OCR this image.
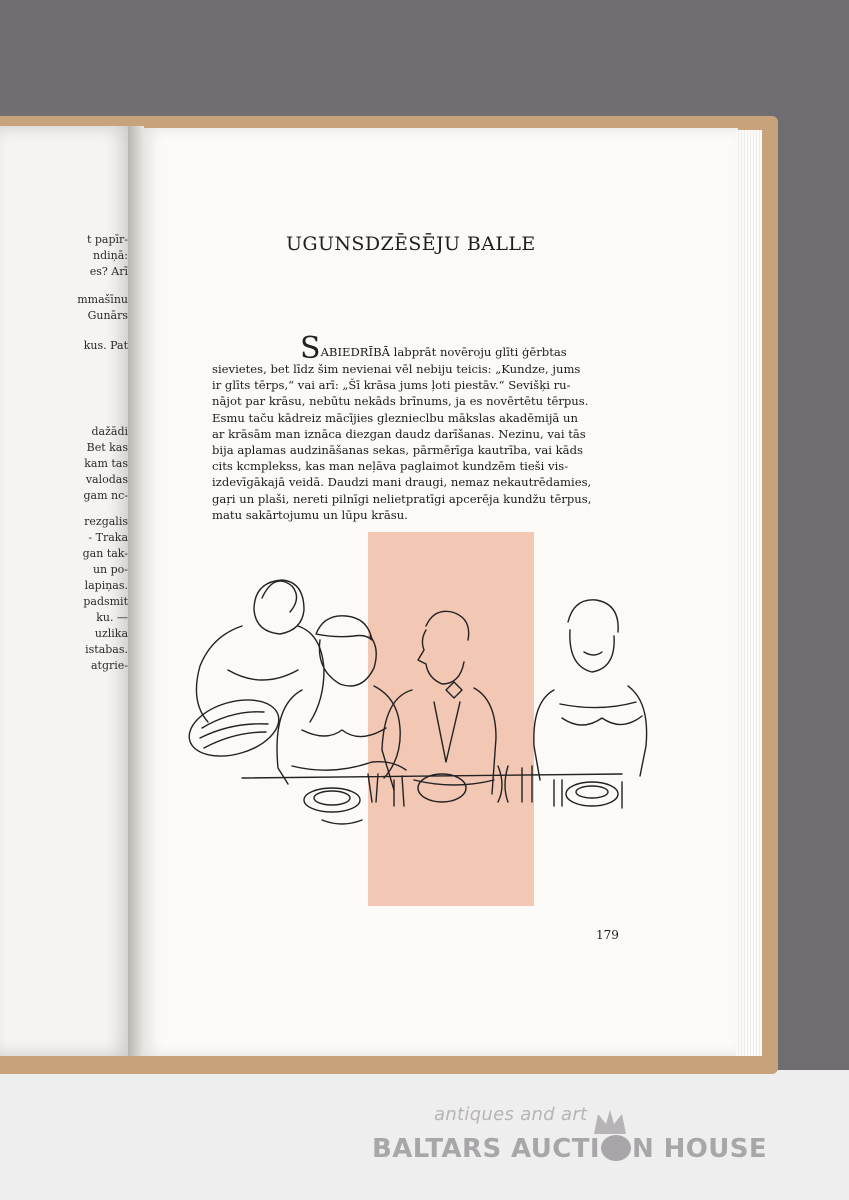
t papīr-
ndiņā:
es? Arī
mmašīnu
Gunārs
kus. Pat
dažādi
Bet kas
kam tas
valodas
gam nc-
rezgalis
- Traka
gan tak-
un po-
lapiņas.
padsmit
ku. —
uzlika
istabas.
atgrie-
UGUNSDZĒSĒJU BALLE
SABIEDRĪBĀ labprāt novēroju glīti ģērbtas
sievietes, bet līdz šim nevienai vēl nebiju teicis: „Kundze, jums
ir glīts tērps,“ vai arī: „Šī krāsa jums ļoti piestāv.“ Sevišķi ru-
nājot par krāsu, nebūtu nekāds brīnums, ja es novērtētu tērpus.
Esmu taču kādreiz mācījies gleznieclbu mākslas akadēmijā un
ar krāsām man iznāca diezgan daudz darīšanas. Nezinu, vai tās
bija aplamas audzināšanas sekas, pārmērīga kautrība, vai kāds
cits kcmplekss, kas man neļāva paglaimot kundzēm tieši vis-
izdevīgākajā veidā. Daudzi mani draugi, nemaz nekautrēdamies,
gaŗi un plaši, nereti pilnīgi nelietpratīgi apcerēja kundžu tērpus,
matu sakārtojumu un lūpu krāsu.
179
antiques and art
BALTARS AUCTI N HOUSE
